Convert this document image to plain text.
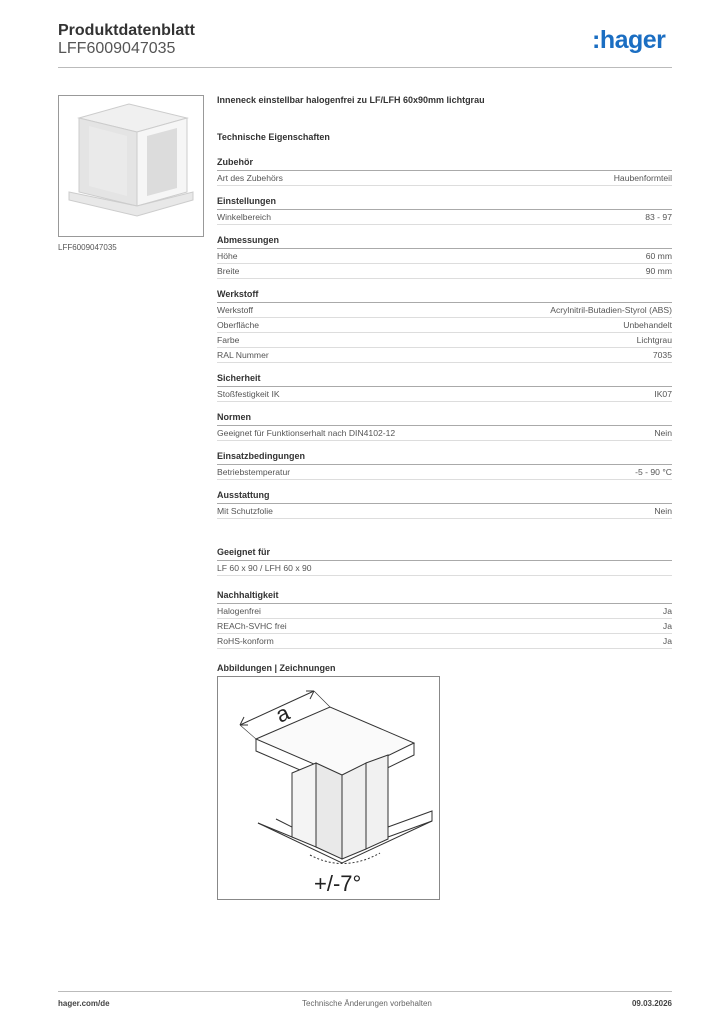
Produktdatenblatt
LFF6009047035	:hager
LFF6009047035
Inneneck einstellbar halogenfrei zu LF/LFH 60x90mm lichtgrau
Technische Eigenschaften
Zubehör
Art des Zubehörs	Haubenformteil
Einstellungen
Winkelbereich	83 - 97
Abmessungen
Höhe	60 mm
Breite	90 mm
Werkstoff
Werkstoff	Acrylnitril-Butadien-Styrol (ABS)
Oberfläche	Unbehandelt
Farbe	Lichtgrau
RAL Nummer	7035
Sicherheit
Stoßfestigkeit IK	IK07
Normen
Geeignet für Funktionserhalt nach DIN4102-12	Nein
Einsatzbedingungen
Betriebstemperatur	-5 - 90 °C
Ausstattung
Mit Schutzfolie	Nein
Geeignet für
LF 60 x 90 / LFH 60 x 90
Nachhaltigkeit
Halogenfrei	Ja
REACh-SVHC frei	Ja
RoHS-konform	Ja
Abbildungen | Zeichnungen
a
+/-7°
hager.com/de	Technische Änderungen vorbehalten	09.03.2026
